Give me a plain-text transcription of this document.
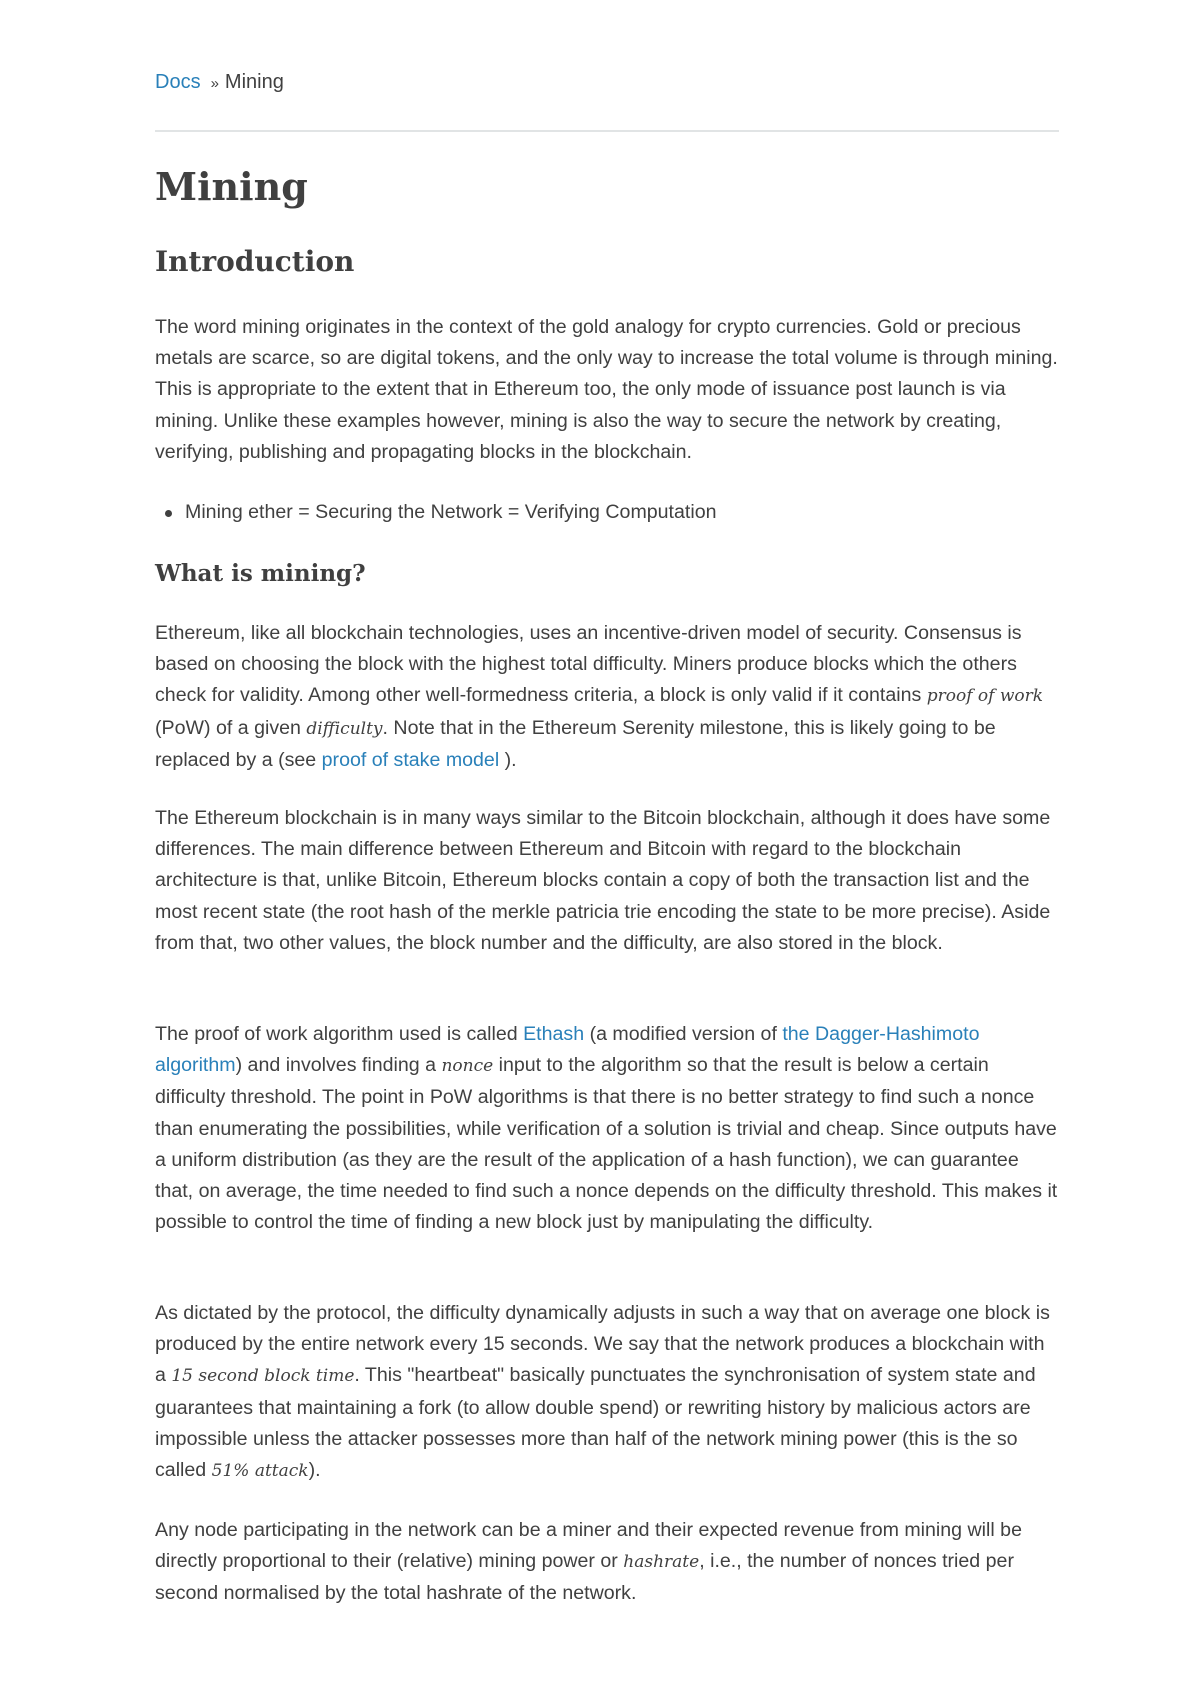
Docs » Mining
Mining
Introduction

The word mining originates in the context of the gold analogy for crypto currencies. Gold or precious metals are scarce, so are digital tokens, and the only way to increase the total volume is through mining. This is appropriate to the extent that in Ethereum too, the only mode of issuance post launch is via mining. Unlike these examples however, mining is also the way to secure the network by creating, verifying, publishing and propagating blocks in the blockchain.

Mining ether = Securing the Network = Verifying Computation
What is mining?

Ethereum, like all blockchain technologies, uses an incentive-driven model of security. Consensus is based on choosing the block with the highest total difficulty. Miners produce blocks which the others check for validity. Among other well-formedness criteria, a block is only valid if it contains proof of work (PoW) of a given difficulty. Note that in the Ethereum Serenity milestone, this is likely going to be replaced by a (see proof of stake model ).

The Ethereum blockchain is in many ways similar to the Bitcoin blockchain, although it does have some differences. The main difference between Ethereum and Bitcoin with regard to the blockchain architecture is that, unlike Bitcoin, Ethereum blocks contain a copy of both the transaction list and the most recent state (the root hash of the merkle patricia trie encoding the state to be more precise). Aside from that, two other values, the block number and the difficulty, are also stored in the block.

The proof of work algorithm used is called Ethash (a modified version of the Dagger-Hashimoto algorithm) and involves finding a nonce input to the algorithm so that the result is below a certain difficulty threshold. The point in PoW algorithms is that there is no better strategy to find such a nonce than enumerating the possibilities, while verification of a solution is trivial and cheap. Since outputs have a uniform distribution (as they are the result of the application of a hash function), we can guarantee that, on average, the time needed to find such a nonce depends on the difficulty threshold. This makes it possible to control the time of finding a new block just by manipulating the difficulty.

As dictated by the protocol, the difficulty dynamically adjusts in such a way that on average one block is produced by the entire network every 15 seconds. We say that the network produces a blockchain with a 15 second block time. This "heartbeat" basically punctuates the synchronisation of system state and guarantees that maintaining a fork (to allow double spend) or rewriting history by malicious actors are impossible unless the attacker possesses more than half of the network mining power (this is the so called 51% attack).

Any node participating in the network can be a miner and their expected revenue from mining will be directly proportional to their (relative) mining power or hashrate, i.e., the number of nonces tried per second normalised by the total hashrate of the network.
